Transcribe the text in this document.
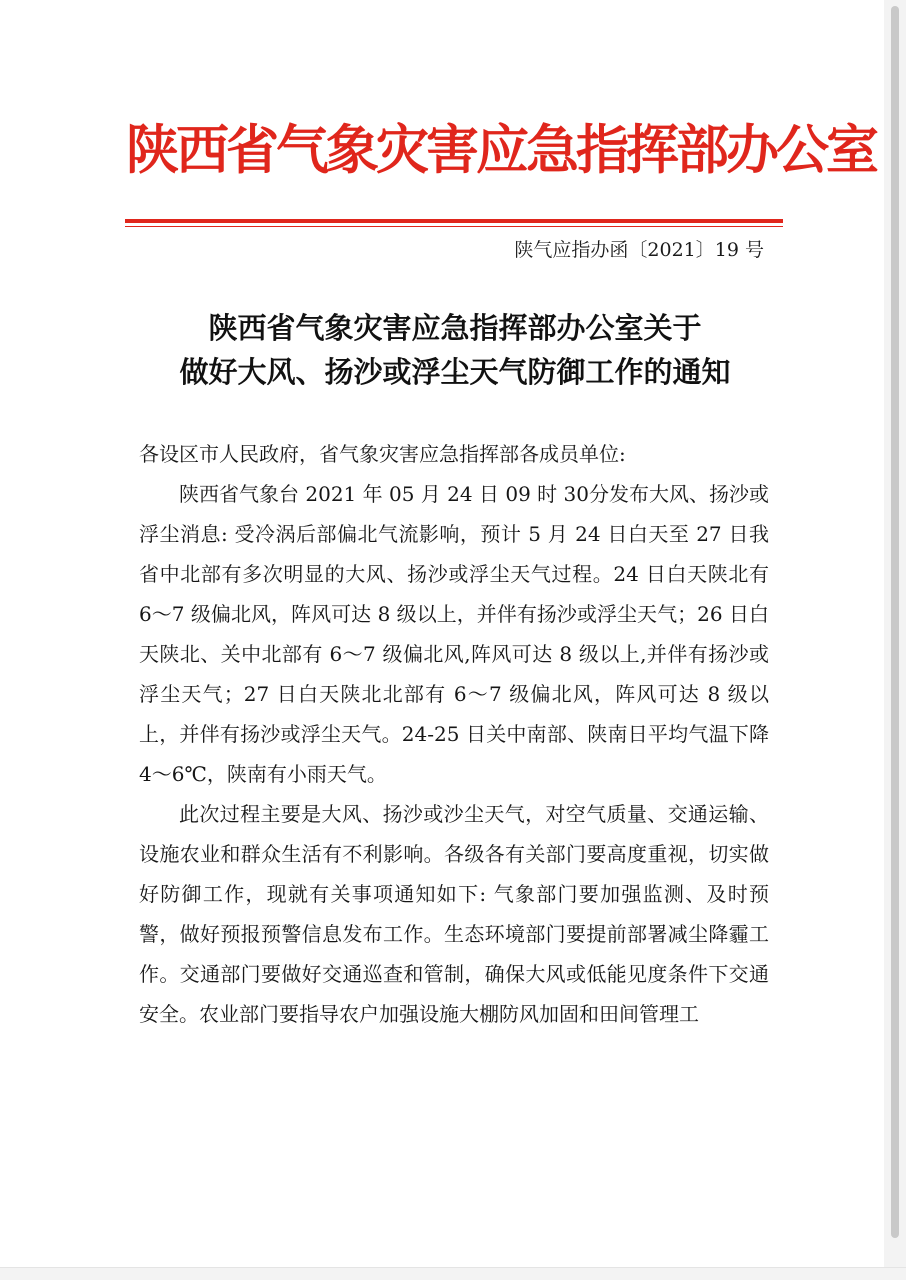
陕西省气象灾害应急指挥部办公室
陕气应指办函〔2021〕19 号
陕西省气象灾害应急指挥部办公室关于
做好大风、扬沙或浮尘天气防御工作的通知

各设区市人民政府，省气象灾害应急指挥部各成员单位:

陕西省气象台 2021 年 05 月 24 日 09 时 30分发布大风、扬沙或浮尘消息: 受冷涡后部偏北气流影响，预计 5 月 24 日白天至 27 日我省中北部有多次明显的大风、扬沙或浮尘天气过程。24 日白天陕北有 6～7 级偏北风，阵风可达 8 级以上，并伴有扬沙或浮尘天气；26 日白天陕北、关中北部有 6～7 级偏北风,阵风可达 8 级以上,并伴有扬沙或浮尘天气；27 日白天陕北北部有 6～7 级偏北风，阵风可达 8 级以上，并伴有扬沙或浮尘天气。24-25 日关中南部、陕南日平均气温下降 4～6℃，陕南有小雨天气。

此次过程主要是大风、扬沙或沙尘天气，对空气质量、交通运输、设施农业和群众生活有不利影响。各级各有关部门要高度重视，切实做好防御工作，现就有关事项通知如下: 气象部门要加强监测、及时预警，做好预报预警信息发布工作。生态环境部门要提前部署减尘降霾工作。交通部门要做好交通巡查和管制，确保大风或低能见度条件下交通安全。农业部门要指导农户加强设施大棚防风加固和田间管理工
